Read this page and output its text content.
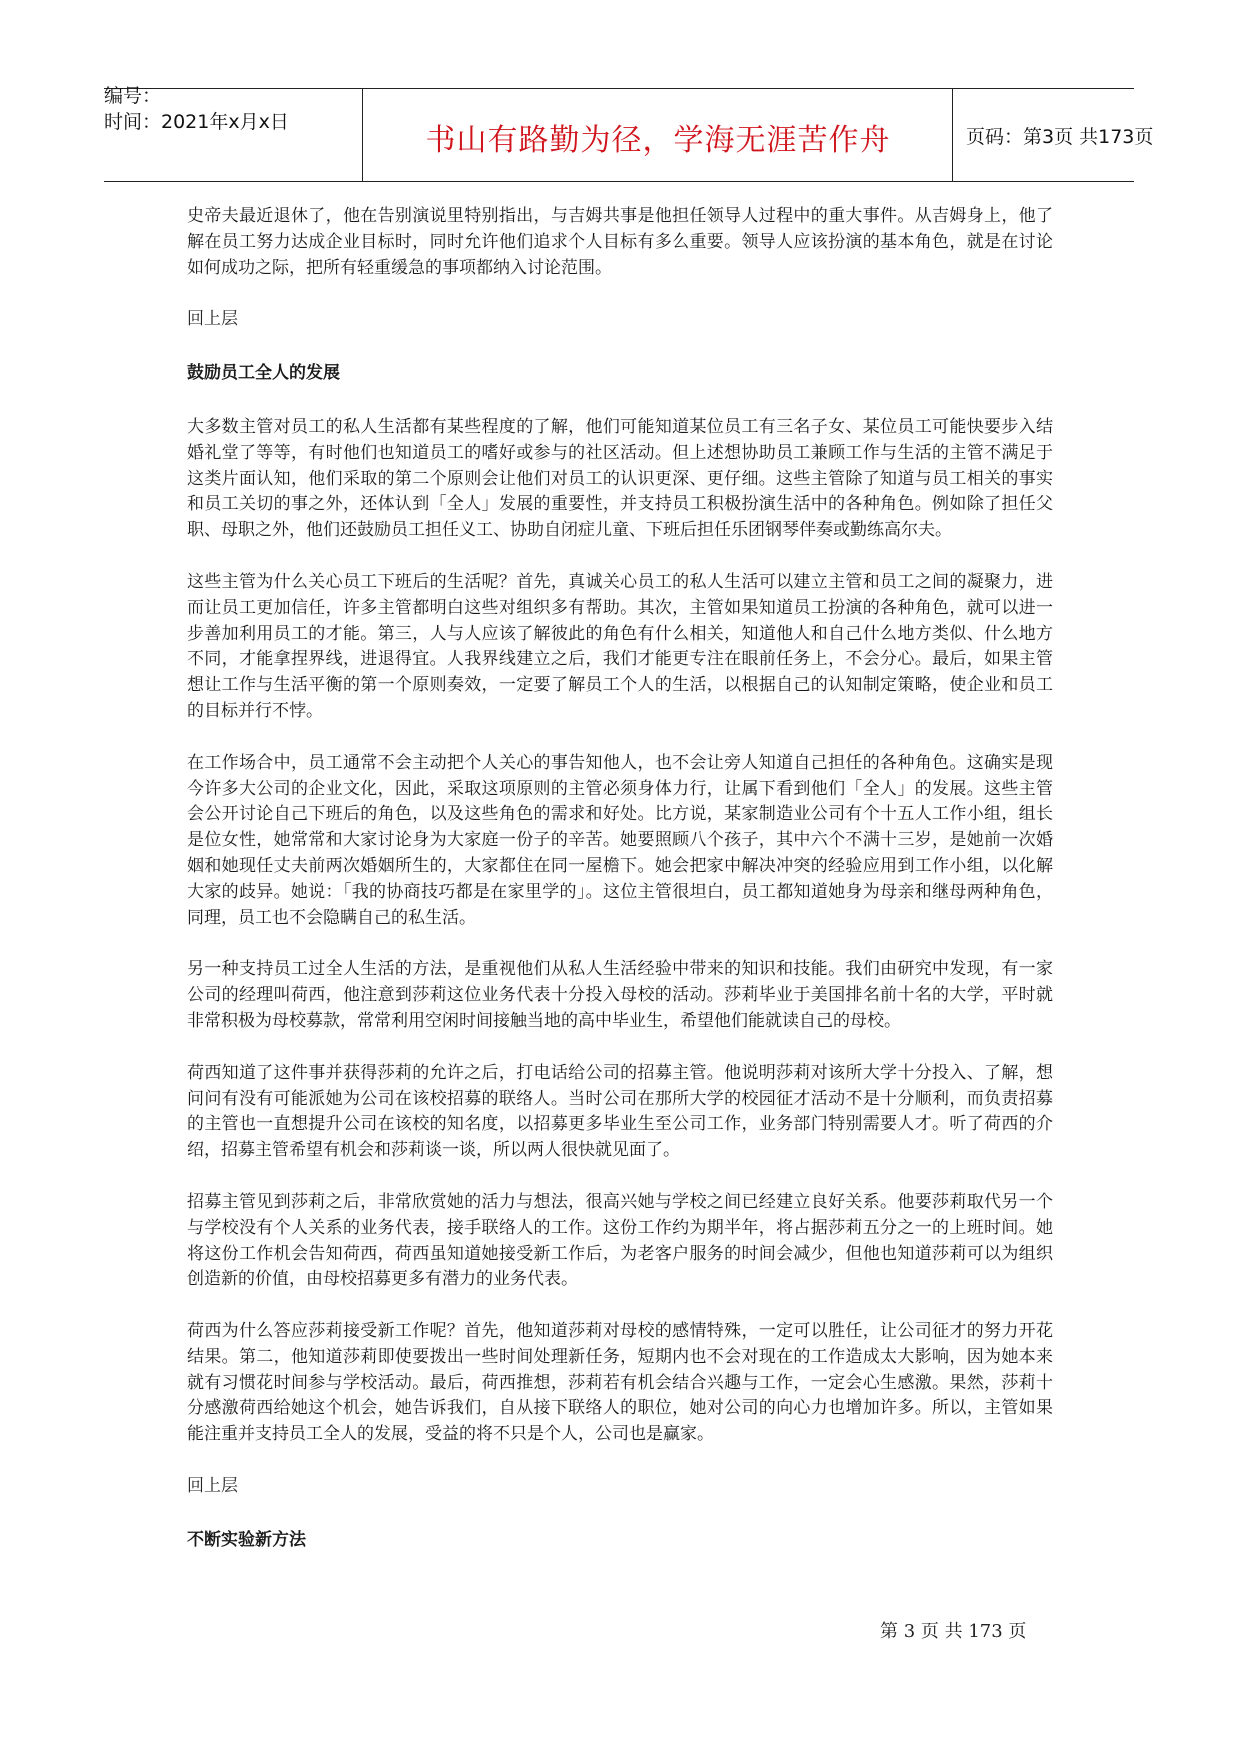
编号：
时间：2021年x月x日
书山有路勤为径，学海无涯苦作舟	页码：第3页 共173页

史帝夫最近退休了，他在告别演说里特别指出，与吉姆共事是他担任领导人过程中的重大事件。从吉姆身上，他了解在员工努力达成企业目标时，同时允许他们追求个人目标有多么重要。领导人应该扮演的基本角色，就是在讨论如何成功之际，把所有轻重缓急的事项都纳入讨论范围。

回上层

鼓励员工全人的发展

大多数主管对员工的私人生活都有某些程度的了解，他们可能知道某位员工有三名子女、某位员工可能快要步入结婚礼堂了等等，有时他们也知道员工的嗜好或参与的社区活动。但上述想协助员工兼顾工作与生活的主管不满足于这类片面认知，他们采取的第二个原则会让他们对员工的认识更深、更仔细。这些主管除了知道与员工相关的事实和员工关切的事之外，还体认到「全人」发展的重要性，并支持员工积极扮演生活中的各种角色。例如除了担任父职、母职之外，他们还鼓励员工担任义工、协助自闭症儿童、下班后担任乐团钢琴伴奏或勤练高尔夫。

这些主管为什么关心员工下班后的生活呢？首先，真诚关心员工的私人生活可以建立主管和员工之间的凝聚力，进而让员工更加信任，许多主管都明白这些对组织多有帮助。其次，主管如果知道员工扮演的各种角色，就可以进一步善加利用员工的才能。第三，人与人应该了解彼此的角色有什么相关，知道他人和自己什么地方类似、什么地方不同，才能拿捏界线，进退得宜。人我界线建立之后，我们才能更专注在眼前任务上，不会分心。最后，如果主管想让工作与生活平衡的第一个原则奏效，一定要了解员工个人的生活，以根据自己的认知制定策略，使企业和员工的目标并行不悖。

在工作场合中，员工通常不会主动把个人关心的事告知他人，也不会让旁人知道自己担任的各种角色。这确实是现今许多大公司的企业文化，因此，采取这项原则的主管必须身体力行，让属下看到他们「全人」的发展。这些主管会公开讨论自己下班后的角色，以及这些角色的需求和好处。比方说，某家制造业公司有个十五人工作小组，组长是位女性，她常常和大家讨论身为大家庭一份子的辛苦。她要照顾八个孩子，其中六个不满十三岁，是她前一次婚姻和她现任丈夫前两次婚姻所生的，大家都住在同一屋檐下。她会把家中解决冲突的经验应用到工作小组，以化解大家的歧异。她说：「我的协商技巧都是在家里学的」。这位主管很坦白，员工都知道她身为母亲和继母两种角色，同理，员工也不会隐瞒自己的私生活。

另一种支持员工过全人生活的方法，是重视他们从私人生活经验中带来的知识和技能。我们由研究中发现，有一家公司的经理叫荷西，他注意到莎莉这位业务代表十分投入母校的活动。莎莉毕业于美国排名前十名的大学，平时就非常积极为母校募款，常常利用空闲时间接触当地的高中毕业生，希望他们能就读自己的母校。

荷西知道了这件事并获得莎莉的允许之后，打电话给公司的招募主管。他说明莎莉对该所大学十分投入、了解，想问问有没有可能派她为公司在该校招募的联络人。当时公司在那所大学的校园征才活动不是十分顺利，而负责招募的主管也一直想提升公司在该校的知名度，以招募更多毕业生至公司工作，业务部门特别需要人才。听了荷西的介绍，招募主管希望有机会和莎莉谈一谈，所以两人很快就见面了。

招募主管见到莎莉之后，非常欣赏她的活力与想法，很高兴她与学校之间已经建立良好关系。他要莎莉取代另一个与学校没有个人关系的业务代表，接手联络人的工作。这份工作约为期半年，将占据莎莉五分之一的上班时间。她将这份工作机会告知荷西，荷西虽知道她接受新工作后，为老客户服务的时间会减少，但他也知道莎莉可以为组织创造新的价值，由母校招募更多有潜力的业务代表。

荷西为什么答应莎莉接受新工作呢？首先，他知道莎莉对母校的感情特殊，一定可以胜任，让公司征才的努力开花结果。第二，他知道莎莉即使要拨出一些时间处理新任务，短期内也不会对现在的工作造成太大影响，因为她本来就有习惯花时间参与学校活动。最后，荷西推想，莎莉若有机会结合兴趣与工作，一定会心生感激。果然，莎莉十分感激荷西给她这个机会，她告诉我们，自从接下联络人的职位，她对公司的向心力也增加许多。所以，主管如果能注重并支持员工全人的发展，受益的将不只是个人，公司也是赢家。

回上层

不断实验新方法
第 3 页 共 173 页
